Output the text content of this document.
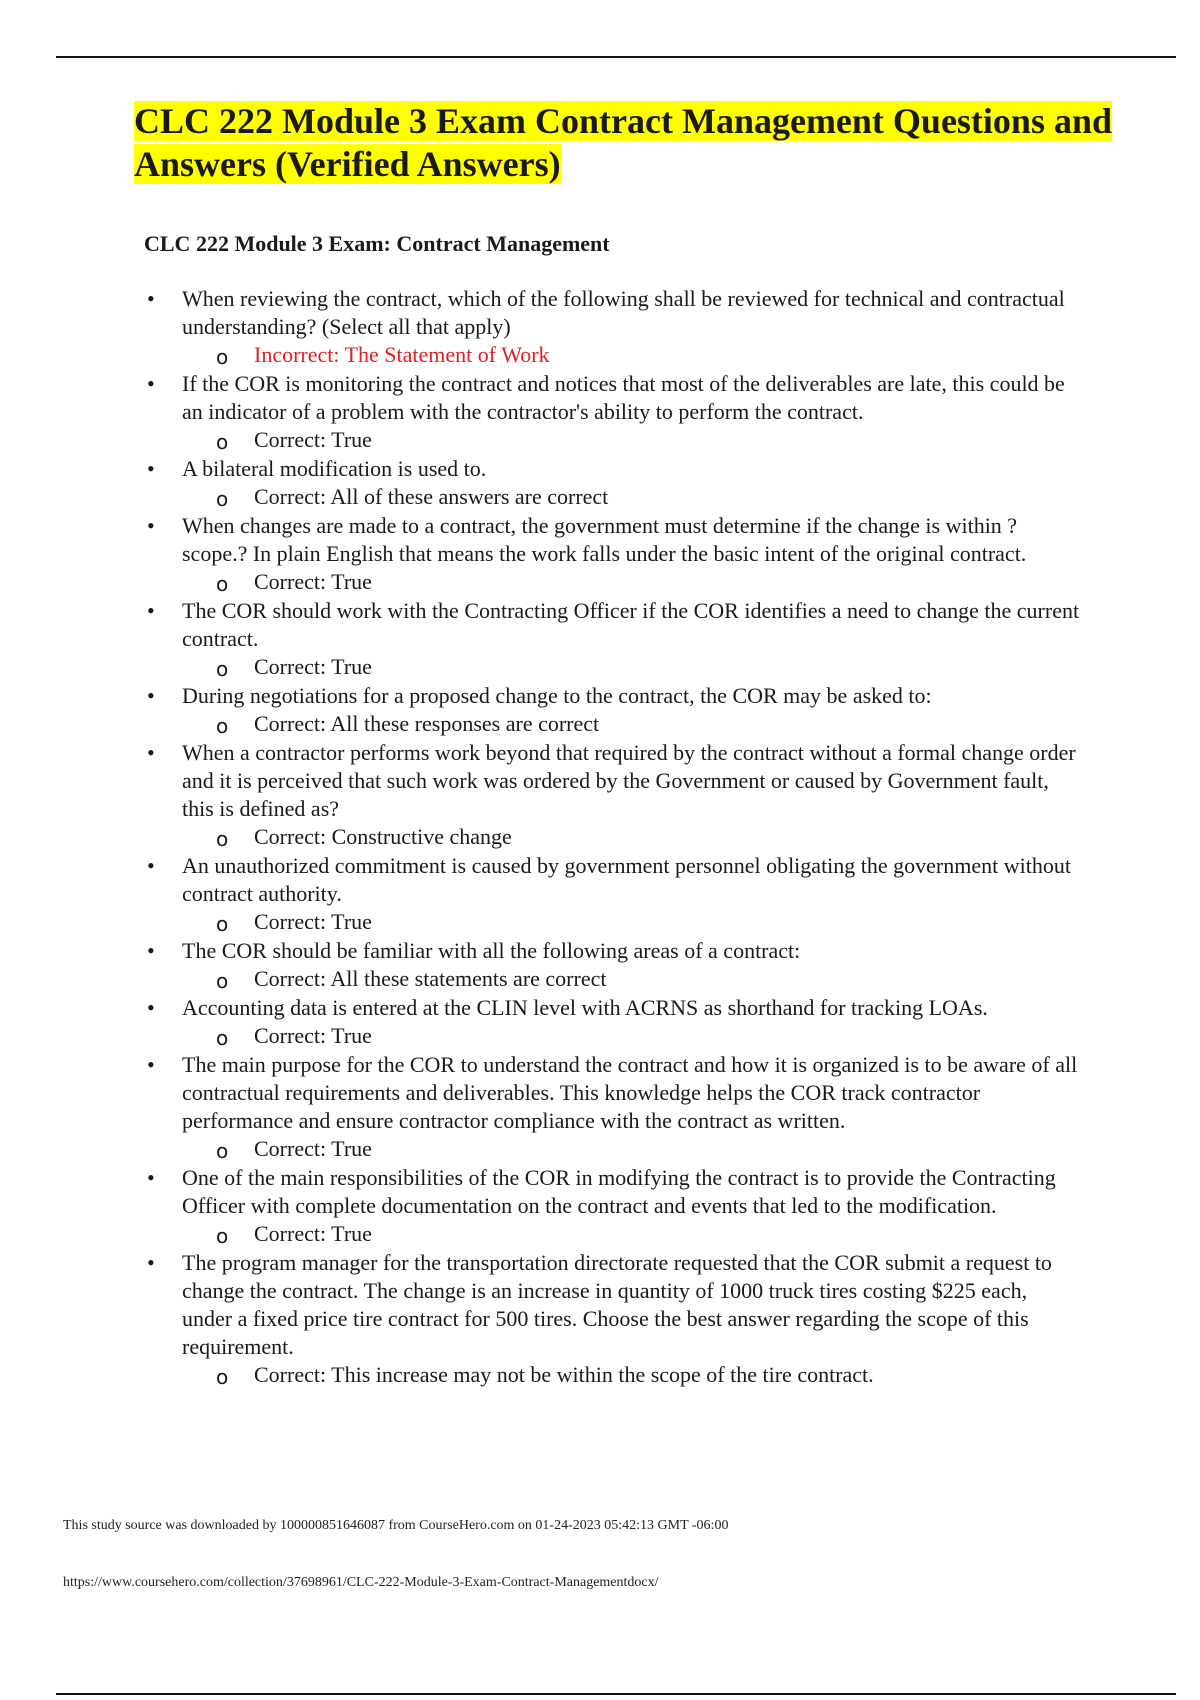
CLC 222 Module 3 Exam Contract Management Questions and Answers (Verified Answers)
CLC 222 Module 3 Exam: Contract Management
• When reviewing the contract, which of the following shall be reviewed for technical and contractual understanding? (Select all that apply)

o Incorrect: The Statement of Work
• If the COR is monitoring the contract and notices that most of the deliverables are late, this could be an indicator of a problem with the contractor's ability to perform the contract.

o Correct: True
• A bilateral modification is used to.

o Correct: All of these answers are correct
• When changes are made to a contract, the government must determine if the change is within ?scope.? In plain English that means the work falls under the basic intent of the original contract.

o Correct: True
• The COR should work with the Contracting Officer if the COR identifies a need to change the current contract.

o Correct: True
• During negotiations for a proposed change to the contract, the COR may be asked to:

o Correct: All these responses are correct
• When a contractor performs work beyond that required by the contract without a formal change order and it is perceived that such work was ordered by the Government or caused by Government fault, this is defined as?

o Correct: Constructive change
• An unauthorized commitment is caused by government personnel obligating the government without contract authority.

o Correct: True
• The COR should be familiar with all the following areas of a contract:

o Correct: All these statements are correct
• Accounting data is entered at the CLIN level with ACRNS as shorthand for tracking LOAs.

o Correct: True
• The main purpose for the COR to understand the contract and how it is organized is to be aware of all contractual requirements and deliverables. This knowledge helps the COR track contractor performance and ensure contractor compliance with the contract as written.

o Correct: True
• One of the main responsibilities of the COR in modifying the contract is to provide the Contracting Officer with complete documentation on the contract and events that led to the modification.

o Correct: True
• The program manager for the transportation directorate requested that the COR submit a request to change the contract. The change is an increase in quantity of 1000 truck tires costing $225 each, under a fixed price tire contract for 500 tires. Choose the best answer regarding the scope of this requirement.

o Correct: This increase may not be within the scope of the tire contract.
This study source was downloaded by 100000851646087 from CourseHero.com on 01-24-2023 05:42:13 GMT -06:00
https://www.coursehero.com/collection/37698961/CLC-222-Module-3-Exam-Contract-Managementdocx/
